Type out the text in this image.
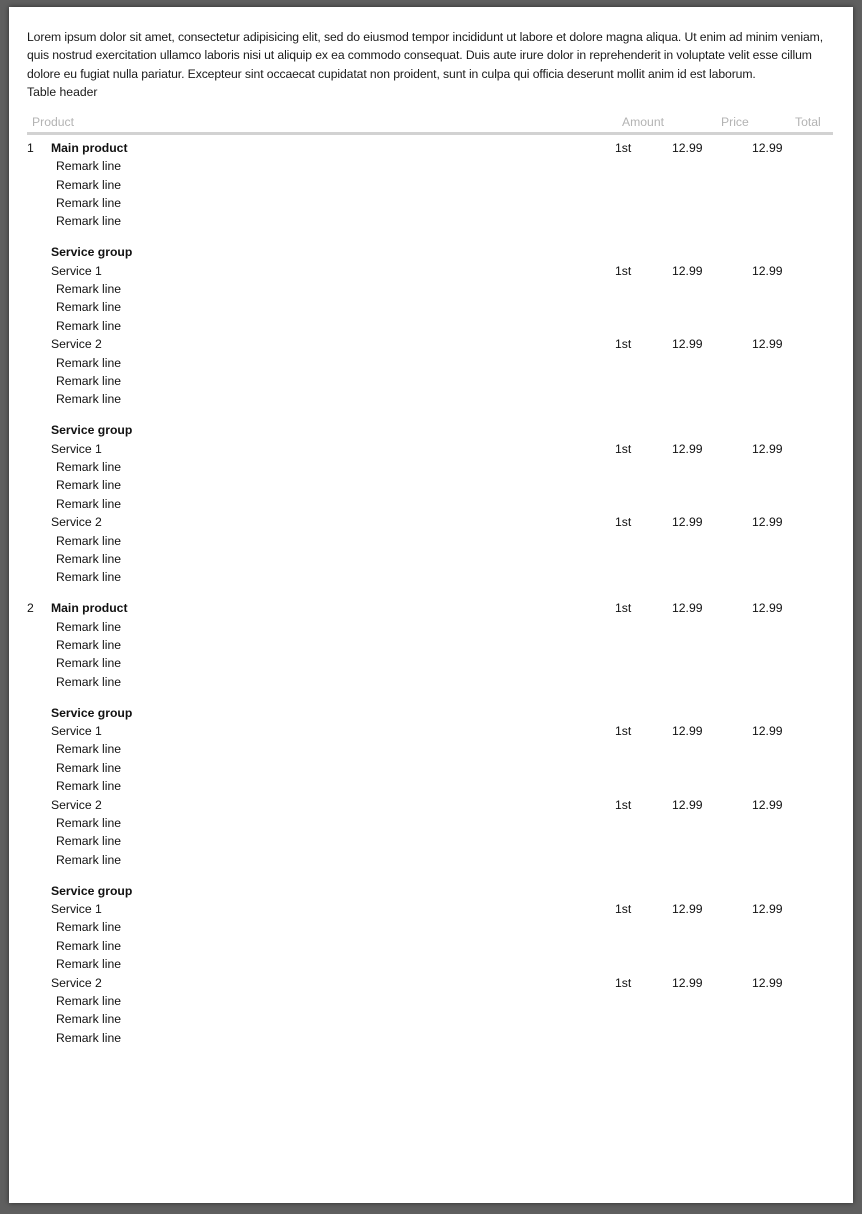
Lorem ipsum dolor sit amet, consectetur adipisicing elit, sed do eiusmod tempor incididunt ut labore et dolore magna aliqua. Ut enim ad minim veniam, quis nostrud exercitation ullamco laboris nisi ut aliquip ex ea commodo consequat. Duis aute irure dolor in reprehenderit in voluptate velit esse cillum dolore eu fugiat nulla pariatur. Excepteur sint occaecat cupidatat non proident, sunt in culpa qui officia deserunt mollit anim id est laborum.

Table header
Product	Amount	Price	Total
1 Main product	1st	12.99	12.99
Remark line
Remark line
Remark line
Remark line
Service group
Service 1	1st	12.99	12.99
Remark line
Remark line
Remark line
Service 2	1st	12.99	12.99
Remark line
Remark line
Remark line
Service group
Service 1	1st	12.99	12.99
Remark line
Remark line
Remark line
Service 2	1st	12.99	12.99
Remark line
Remark line
Remark line
2 Main product	1st	12.99	12.99
Remark line
Remark line
Remark line
Remark line
Service group
Service 1	1st	12.99	12.99
Remark line
Remark line
Remark line
Service 2	1st	12.99	12.99
Remark line
Remark line
Remark line
Service group
Service 1	1st	12.99	12.99
Remark line
Remark line
Remark line
Service 2	1st	12.99	12.99
Remark line
Remark line
Remark line
